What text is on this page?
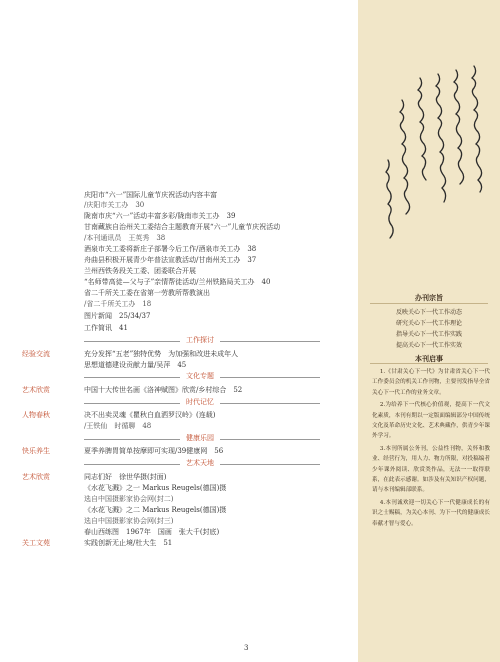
庆阳市“六一”国际儿童节庆祝活动内容丰富
/庆阳市关工办　30
陇南市庆“六一”活动丰富多彩/陇南市关工办　39
甘南藏族自治州关工委结合主题教育开展“六一”儿童节庆祝活动
/本刊通讯员　王英秀　38
酒泉市关工委将新庄子部署今后工作/酒泉市关工办　38
舟曲县积极开展青少年普法宣教活动/甘南州关工办　37
兰州西铁务段关工委、团委联合开展
“名师带高徒—父与子”亲情帮徒活动/兰州铁路局关工办　40
省二千所关工委在省第一劳教所帮教演出
/省二千所关工办　18
图片新闻　25/34/37
工作简讯　41
工作探讨
经验交流	充分发挥“五老”独特优势　为加强和改进未成年人
思想道德建设贡献力量/吴萍　45
文化专题
艺术欣赏	中国十大传世名画《洛神赋图》欣赏/乡村综合　52
时代记忆
人物春秋	决不出卖灵魂《瞿秋白血洒罗汉岭》(连载)
/王铁仙　时循聊　48
健康乐园
快乐养生	夏季养脾胃简单按摩即可实现/39健康网　56
艺术天地
艺术欣赏	同志们好　徐世华摄(封面)
《水花飞溅》之一 Markus Reugels(德国)摄
选自中国摄影家协会网(封二)
《水花飞溅》之二 Markus Reugels(德国)摄
选自中国摄影家协会网(封三)
春山西练图　1967年　国画　张大千(封底)
关工文苑	实践创新无止境/杜大生　51
3
办刊宗旨
反映关心下一代工作动态
研究关心下一代工作理论
指导关心下一代工作实践
提高关心下一代工作实效
本刊启事

1.《甘肃关心下一代》为甘肃省关心下一代工作委员会的机关工作刊物，主要刊发指导全省关心下一代工作的业务文章。

2.为给养下一代核心价值观，提高下一代文化素质，本刊有期以一定版面编辑部分中国传统文化及革命历史文化、艺术典藏作，供青少年课外学习。

3.本刊所属公务刊，公益性刊物，关怀和教业、经营行为，用人力、物力所限，对投稿编者少年课外阅读、欣赏类作品，无法一一取得联系，在此表示感谢。如涉及有关知识产权问题，请与本刊编辑部联系。

4.本刊诚欢迎一切关心下一代健康成长的有识之士赐稿，为关心本刊、为下一代的健康成长奉献才智与爱心。
